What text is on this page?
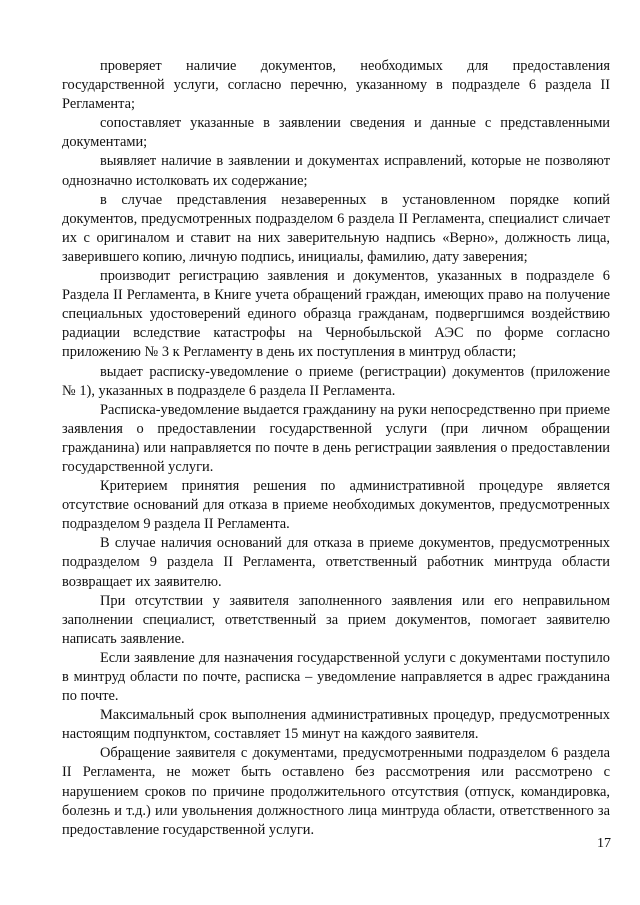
проверяет наличие документов, необходимых для предоставления государственной услуги, согласно перечню, указанному в подразделе 6 раздела II Регламента;

сопоставляет указанные в заявлении сведения и данные с представленными документами;

выявляет наличие в заявлении и документах исправлений, которые не позволяют однозначно истолковать их содержание;

в случае представления незаверенных в установленном порядке копий документов, предусмотренных подразделом 6 раздела II Регламента, специалист сличает их с оригиналом и ставит на них заверительную надпись «Верно», должность лица, заверившего копию, личную подпись, инициалы, фамилию, дату заверения;

производит регистрацию заявления и документов, указанных в подразделе 6 Раздела II Регламента, в Книге учета обращений граждан, имеющих право на получение специальных удостоверений единого образца гражданам, подвергшимся воздействию радиации вследствие катастрофы на Чернобыльской АЭС по форме согласно приложению № 3 к Регламенту в день их поступления в минтруд области;

выдает расписку-уведомление о приеме (регистрации) документов (приложение № 1), указанных в подразделе 6 раздела II Регламента.

Расписка-уведомление выдается гражданину на руки непосредственно при приеме заявления о предоставлении государственной услуги (при личном обращении гражданина) или направляется по почте в день регистрации заявления о предоставлении государственной услуги.

Критерием принятия решения по административной процедуре является отсутствие оснований для отказа в приеме необходимых документов, предусмотренных подразделом 9 раздела II Регламента.

В случае наличия оснований для отказа в приеме документов, предусмотренных подразделом 9 раздела II Регламента, ответственный работник минтруда области возвращает их заявителю.

При отсутствии у заявителя заполненного заявления или его неправильном заполнении специалист, ответственный за прием документов, помогает заявителю написать заявление.

Если заявление для назначения государственной услуги с документами поступило в минтруд области по почте, расписка – уведомление направляется в адрес гражданина по почте.

Максимальный срок выполнения административных процедур, предусмотренных настоящим подпунктом, составляет 15 минут на каждого заявителя.

Обращение заявителя с документами, предусмотренными подразделом 6 раздела II Регламента, не может быть оставлено без рассмотрения или рассмотрено с нарушением сроков по причине продолжительного отсутствия (отпуск, командировка, болезнь и т.д.) или увольнения должностного лица минтруда области, ответственного за предоставление государственной услуги.

17
